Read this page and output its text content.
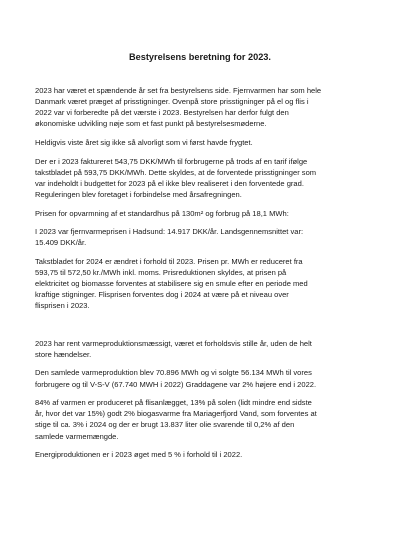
Bestyrelsens beretning for 2023.

2023 har været et spændende år set fra bestyrelsens side. Fjernvarmen har som hele
Danmark været præget af prisstigninger. Ovenpå store prisstigninger på el og flis i
2022 var vi forberedte på det værste i 2023. Bestyrelsen har derfor fulgt den
økonomiske udvikling nøje som et fast punkt på bestyrelsesmøderne.

Heldigvis viste året sig ikke så alvorligt som vi først havde frygtet.

Der er i 2023 faktureret 543,75 DKK/MWh til forbrugerne på trods af en tarif ifølge
takstbladet på 593,75 DKK/MWh. Dette skyldes, at de forventede prisstigninger som
var indeholdt i budgettet for 2023 på el ikke blev realiseret i den forventede grad.
Reguleringen blev foretaget i forbindelse med årsafregningen.

Prisen for opvarmning af et standardhus på 130m² og forbrug på 18,1 MWh:

I 2023 var fjernvarmeprisen i Hadsund: 14.917 DKK/år. Landsgennemsnittet var:
15.409 DKK/år.

Takstbladet for 2024 er ændret i forhold til 2023. Prisen pr. MWh er reduceret fra
593,75 til 572,50 kr./MWh inkl. moms. Prisreduktionen skyldes, at prisen på
elektricitet og biomasse forventes at stabilisere sig en smule efter en periode med
kraftige stigninger. Flisprisen forventes dog i 2024 at være på et niveau over
flisprisen i 2023.

2023 har rent varmeproduktionsmæssigt, været et forholdsvis stille år, uden de helt
store hændelser.

Den samlede varmeproduktion blev 70.896 MWh og vi solgte 56.134 MWh til vores
forbrugere og til V-S-V (67.740 MWH i 2022) Graddagene var 2% højere end i 2022.

84% af varmen er produceret på flisanlægget, 13% på solen (lidt mindre end sidste
år, hvor det var 15%) godt 2% biogasvarme fra Mariagerfjord Vand, som forventes at
stige til ca. 3% i 2024 og der er brugt 13.837 liter olie svarende til 0,2% af den
samlede varmemængde.

Energiproduktionen er i 2023 øget med 5 % i forhold til i 2022.
